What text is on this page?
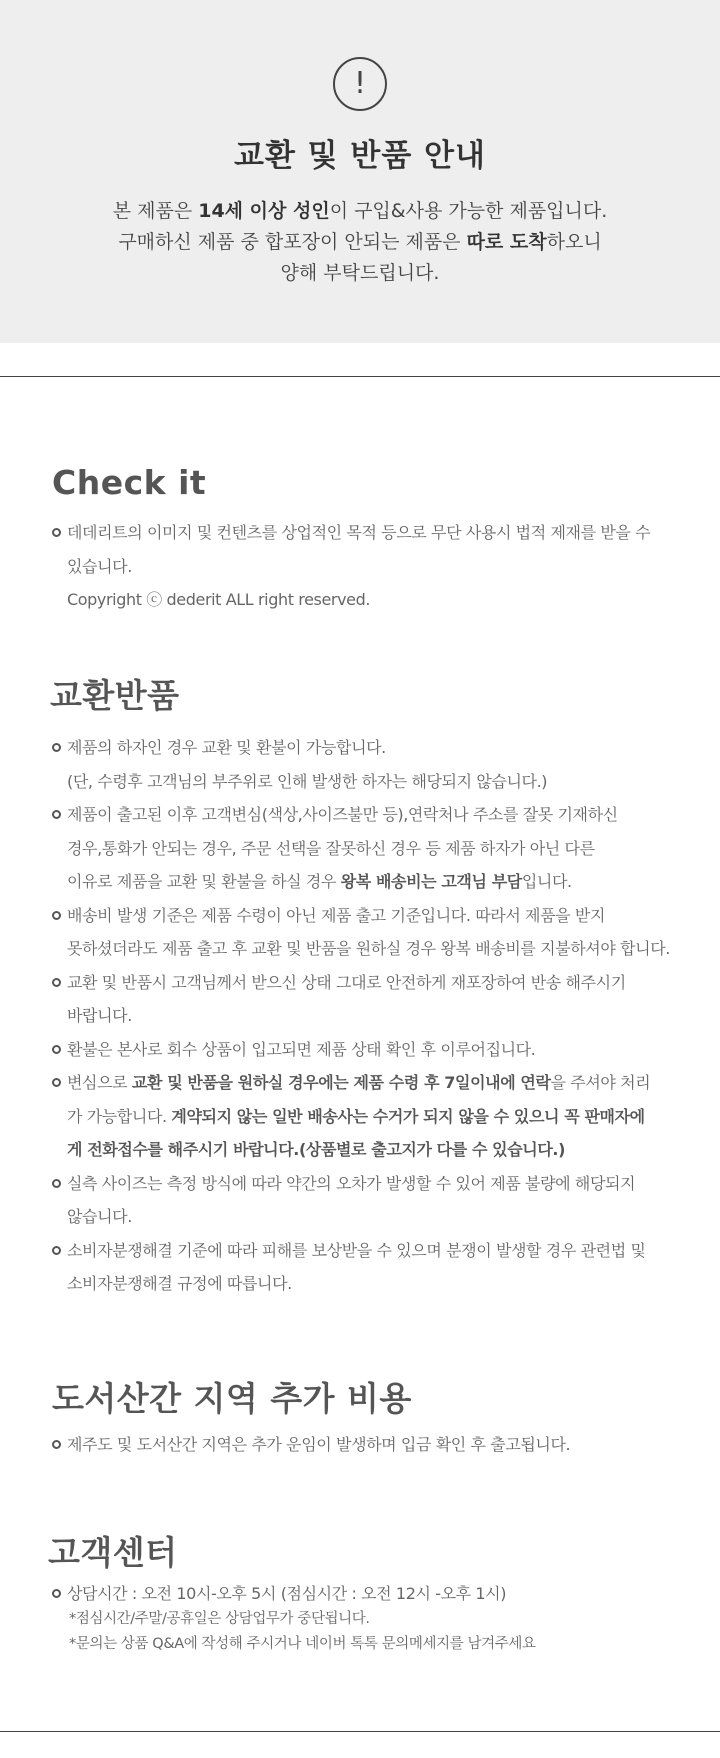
!
교환 및 반품 안내
본 제품은 14세 이상 성인이 구입&사용 가능한 제품입니다.
구매하신 제품 중 합포장이 안되는 제품은 따로 도착하오니
양해 부탁드립니다.
Check it
데데리트의 이미지 및 컨텐츠를 상업적인 목적 등으로 무단 사용시 법적 제재를 받을 수
있습니다.
Copyright ⓒ dederit ALL right reserved.
교환반품
제품의 하자인 경우 교환 및 환불이 가능합니다.
(단, 수령후 고객님의 부주위로 인해 발생한 하자는 해당되지 않습니다.)
제품이 출고된 이후 고객변심(색상,사이즈불만 등),연락처나 주소를 잘못 기재하신
경우,통화가 안되는 경우, 주문 선택을 잘못하신 경우 등 제품 하자가 아닌 다른
이유로 제품을 교환 및 환불을 하실 경우 왕복 배송비는 고객님 부담입니다.
배송비 발생 기준은 제품 수령이 아닌 제품 출고 기준입니다. 따라서 제품을 받지
못하셨더라도 제품 출고 후 교환 및 반품을 원하실 경우 왕복 배송비를 지불하셔야 합니다.
교환 및 반품시 고객님께서 받으신 상태 그대로 안전하게 재포장하여 반송 해주시기
바랍니다.
환불은 본사로 회수 상품이 입고되면 제품 상태 확인 후 이루어집니다.
변심으로 교환 및 반품을 원하실 경우에는 제품 수령 후 7일이내에 연락을 주셔야 처리
가 가능합니다. 계약되지 않는 일반 배송사는 수거가 되지 않을 수 있으니 꼭 판매자에
게 전화접수를 해주시기 바랍니다.(상품별로 출고지가 다를 수 있습니다.)
실측 사이즈는 측정 방식에 따라 약간의 오차가 발생할 수 있어 제품 불량에 해당되지
않습니다.
소비자분쟁해결 기준에 따라 피해를 보상받을 수 있으며 분쟁이 발생할 경우 관련법 및
소비자분쟁해결 규정에 따릅니다.
도서산간 지역 추가 비용
제주도 및 도서산간 지역은 추가 운임이 발생하며 입금 확인 후 출고됩니다.
고객센터
상담시간 : 오전 10시-오후 5시 (점심시간 : 오전 12시 -오후 1시)
*점심시간/주말/공휴일은 상담업무가 중단됩니다.
*문의는 상품 Q&A에 작성해 주시거나 네이버 톡톡 문의메세지를 남겨주세요
